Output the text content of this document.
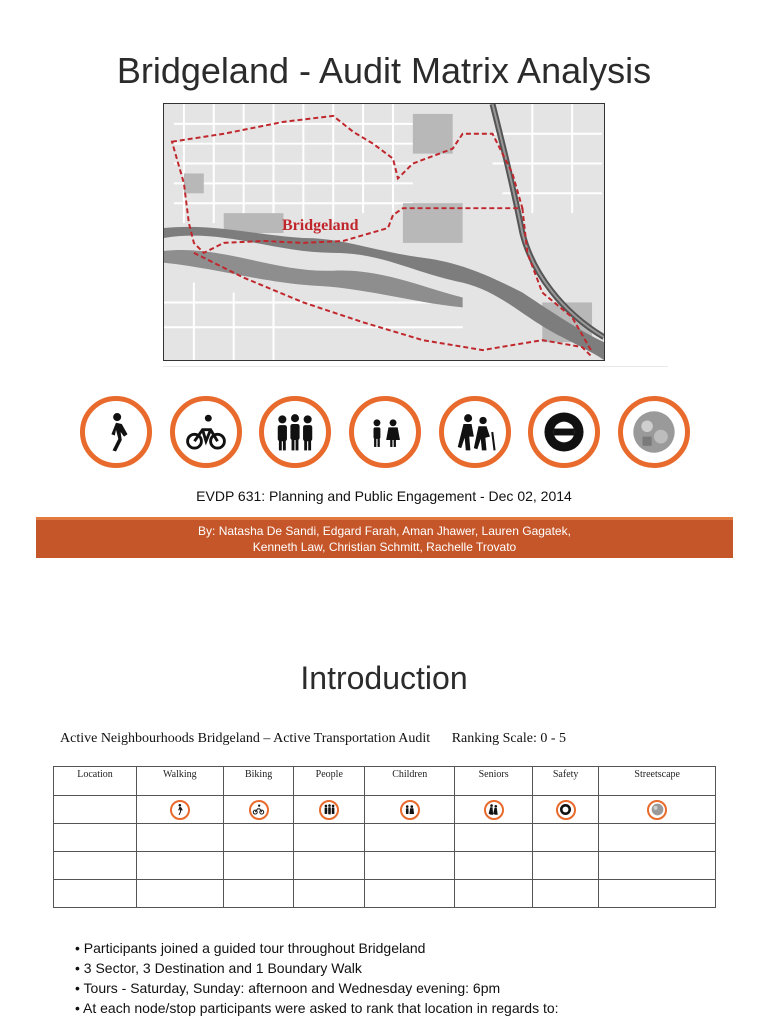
Bridgeland - Audit Matrix Analysis
Bridgeland
EVDP 631: Planning and Public Engagement - Dec 02, 2014
By: Natasha De Sandi, Edgard Farah, Aman Jhawer, Lauren Gagatek,
Kenneth Law, Christian Schmitt, Rachelle Trovato
Introduction
Active Neighbourhoods Bridgeland – Active Transportation Audit Ranking Scale: 0 - 5
Location	Walking	Biking	People	Children	Seniors	Safety	Streetscape

• Participants joined a guided tour throughout Bridgeland
• 3 Sector, 3 Destination and 1 Boundary Walk
• Tours - Saturday, Sunday: afternoon and Wednesday evening: 6pm
• At each node/stop participants were asked to rank that location in regards to:
